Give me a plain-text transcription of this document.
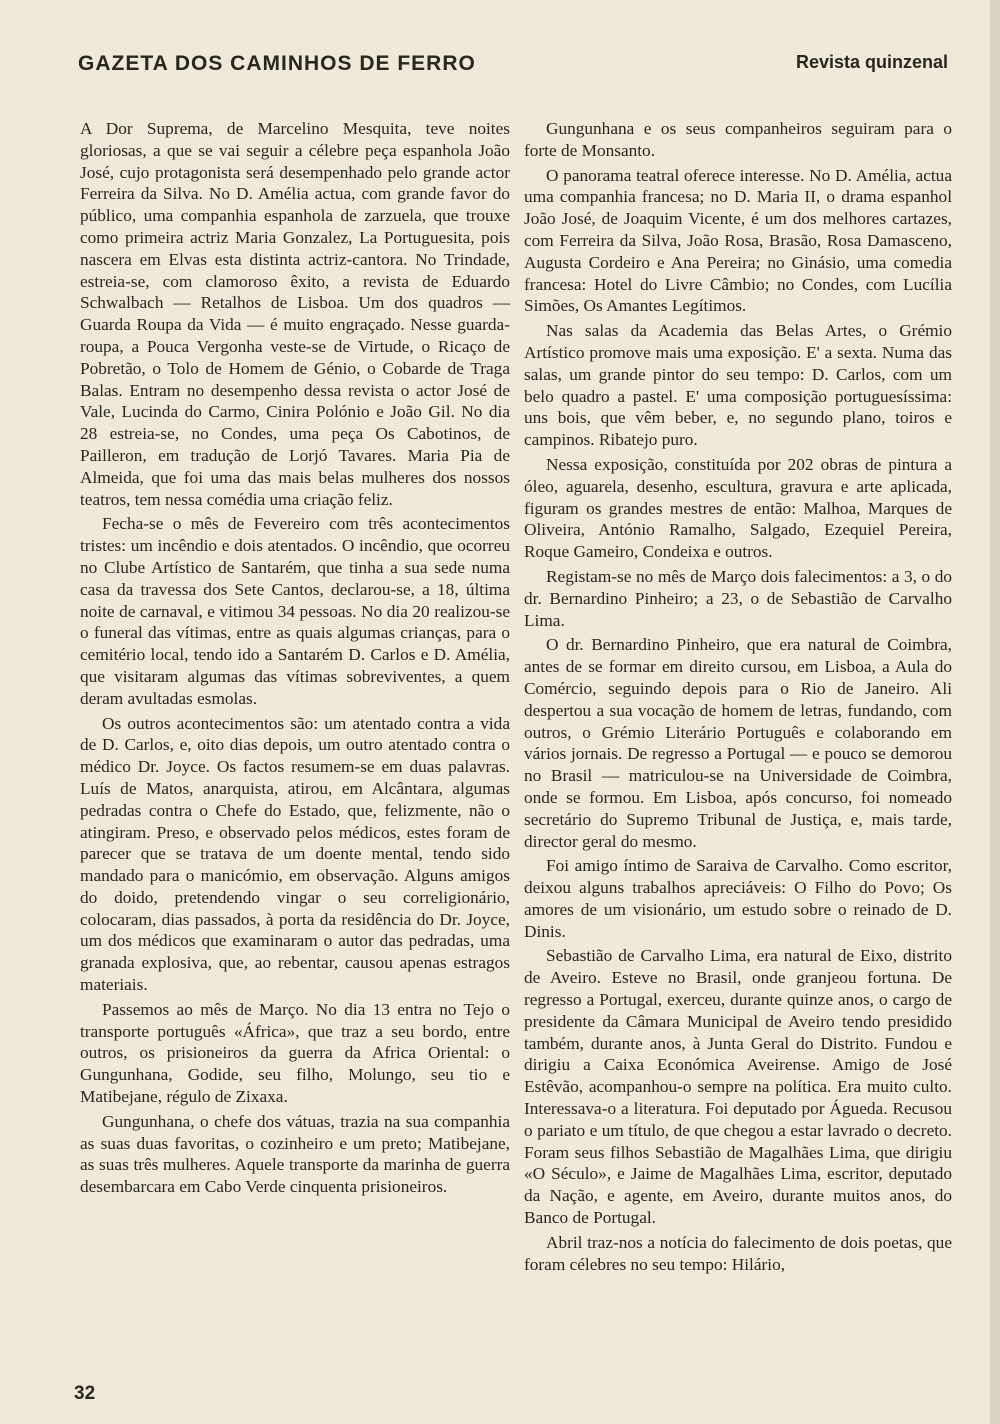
GAZETA DOS CAMINHOS DE FERRO	Revista quinzenal

A Dor Suprema, de Marcelino Mesquita, teve noites gloriosas, a que se vai seguir a célebre peça espanhola João José, cujo protagonista será desempenhado pelo grande actor Ferreira da Silva. No D. Amélia actua, com grande favor do público, uma companhia espanhola de zarzuela, que trouxe como primeira actriz Maria Gonzalez, La Portuguesita, pois nascera em Elvas esta distinta actriz-cantora. No Trindade, estreia-se, com clamoroso êxito, a revista de Eduardo Schwalbach — Retalhos de Lisboa. Um dos quadros — Guarda Roupa da Vida — é muito engraçado. Nesse guarda-roupa, a Pouca Vergonha veste-se de Virtude, o Ricaço de Pobretão, o Tolo de Homem de Génio, o Cobarde de Traga Balas. Entram no desempenho dessa revista o actor José de Vale, Lucinda do Carmo, Cinira Polónio e João Gil. No dia 28 estreia-se, no Condes, uma peça Os Cabotinos, de Pailleron, em tradução de Lorjó Tavares. Maria Pia de Almeida, que foi uma das mais belas mulheres dos nossos teatros, tem nessa comédia uma criação feliz.

Fecha-se o mês de Fevereiro com três acontecimentos tristes: um incêndio e dois atentados. O incêndio, que ocorreu no Clube Artístico de Santarém, que tinha a sua sede numa casa da travessa dos Sete Cantos, declarou-se, a 18, última noite de carnaval, e vitimou 34 pessoas. No dia 20 realizou-se o funeral das vítimas, entre as quais algumas crianças, para o cemitério local, tendo ido a Santarém D. Carlos e D. Amélia, que visitaram algumas das vítimas sobreviventes, a quem deram avultadas esmolas.

Os outros acontecimentos são: um atentado contra a vida de D. Carlos, e, oito dias depois, um outro atentado contra o médico Dr. Joyce. Os factos resumem-se em duas palavras. Luís de Matos, anarquista, atirou, em Alcântara, algumas pedradas contra o Chefe do Estado, que, felizmente, não o atingiram. Preso, e observado pelos médicos, estes foram de parecer que se tratava de um doente mental, tendo sido mandado para o manicómio, em observação. Alguns amigos do doido, pretendendo vingar o seu correligionário, colocaram, dias passados, à porta da residência do Dr. Joyce, um dos médicos que examinaram o autor das pedradas, uma granada explosiva, que, ao rebentar, causou apenas estragos materiais.

Passemos ao mês de Março. No dia 13 entra no Tejo o transporte português «África», que traz a seu bordo, entre outros, os prisioneiros da guerra da Africa Oriental: o Gungunhana, Godide, seu filho, Molungo, seu tio e Matibejane, régulo de Zixaxa.

Gungunhana, o chefe dos vátuas, trazia na sua companhia as suas duas favoritas, o cozinheiro e um preto; Matibejane, as suas três mulheres. Aquele transporte da marinha de guerra desembarcara em Cabo Verde cinquenta prisioneiros.

Gungunhana e os seus companheiros seguiram para o forte de Monsanto.

O panorama teatral oferece interesse. No D. Amélia, actua uma companhia francesa; no D. Maria II, o drama espanhol João José, de Joaquim Vicente, é um dos melhores cartazes, com Ferreira da Silva, João Rosa, Brasão, Rosa Damasceno, Augusta Cordeiro e Ana Pereira; no Ginásio, uma comedia francesa: Hotel do Livre Câmbio; no Condes, com Lucília Simões, Os Amantes Legítimos.

Nas salas da Academia das Belas Artes, o Grémio Artístico promove mais uma exposição. E' a sexta. Numa das salas, um grande pintor do seu tempo: D. Carlos, com um belo quadro a pastel. E' uma composição portuguesíssima: uns bois, que vêm beber, e, no segundo plano, toiros e campinos. Ribatejo puro.

Nessa exposição, constituída por 202 obras de pintura a óleo, aguarela, desenho, escultura, gravura e arte aplicada, figuram os grandes mestres de então: Malhoa, Marques de Oliveira, António Ramalho, Salgado, Ezequiel Pereira, Roque Gameiro, Condeixa e outros.

Registam-se no mês de Março dois falecimentos: a 3, o do dr. Bernardino Pinheiro; a 23, o de Sebastião de Carvalho Lima.

O dr. Bernardino Pinheiro, que era natural de Coimbra, antes de se formar em direito cursou, em Lisboa, a Aula do Comércio, seguindo depois para o Rio de Janeiro. Ali despertou a sua vocação de homem de letras, fundando, com outros, o Grémio Literário Português e colaborando em vários jornais. De regresso a Portugal — e pouco se demorou no Brasil — matriculou-se na Universidade de Coimbra, onde se formou. Em Lisboa, após concurso, foi nomeado secretário do Supremo Tribunal de Justiça, e, mais tarde, director geral do mesmo.

Foi amigo íntimo de Saraiva de Carvalho. Como escritor, deixou alguns trabalhos apreciáveis: O Filho do Povo; Os amores de um visionário, um estudo sobre o reinado de D. Dinis.

Sebastião de Carvalho Lima, era natural de Eixo, distrito de Aveiro. Esteve no Brasil, onde granjeou fortuna. De regresso a Portugal, exerceu, durante quinze anos, o cargo de presidente da Câmara Municipal de Aveiro tendo presidido também, durante anos, à Junta Geral do Distrito. Fundou e dirigiu a Caixa Económica Aveirense. Amigo de José Estêvão, acompanhou-o sempre na política. Era muito culto. Interessava-o a literatura. Foi deputado por Águeda. Recusou o pariato e um título, de que chegou a estar lavrado o decreto. Foram seus filhos Sebastião de Magalhães Lima, que dirigiu «O Século», e Jaime de Magalhães Lima, escritor, deputado da Nação, e agente, em Aveiro, durante muitos anos, do Banco de Portugal.

Abril traz-nos a notícia do falecimento de dois poetas, que foram célebres no seu tempo: Hilário,

32
